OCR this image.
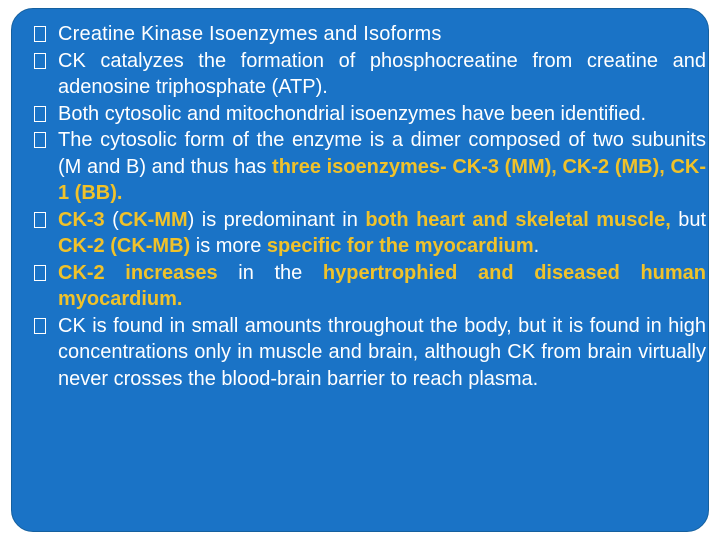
Creatine Kinase Isoenzymes and Isoforms
CK catalyzes the formation of phosphocreatine from creatine and adenosine triphosphate (ATP).
Both cytosolic and mitochondrial isoenzymes have been identified.
The cytosolic form of the enzyme is a dimer composed of two subunits (M and B) and thus has three isoenzymes- CK-3 (MM), CK-2 (MB), CK-1 (BB).
CK-3 (CK-MM) is predominant in both heart and skeletal muscle, but CK-2 (CK-MB) is more specific for the myocardium.
CK-2 increases in the hypertrophied and diseased human myocardium.
CK is found in small amounts throughout the body, but it is found in high concentrations only in muscle and brain, although CK from brain virtually never crosses the blood-brain barrier to reach plasma.
